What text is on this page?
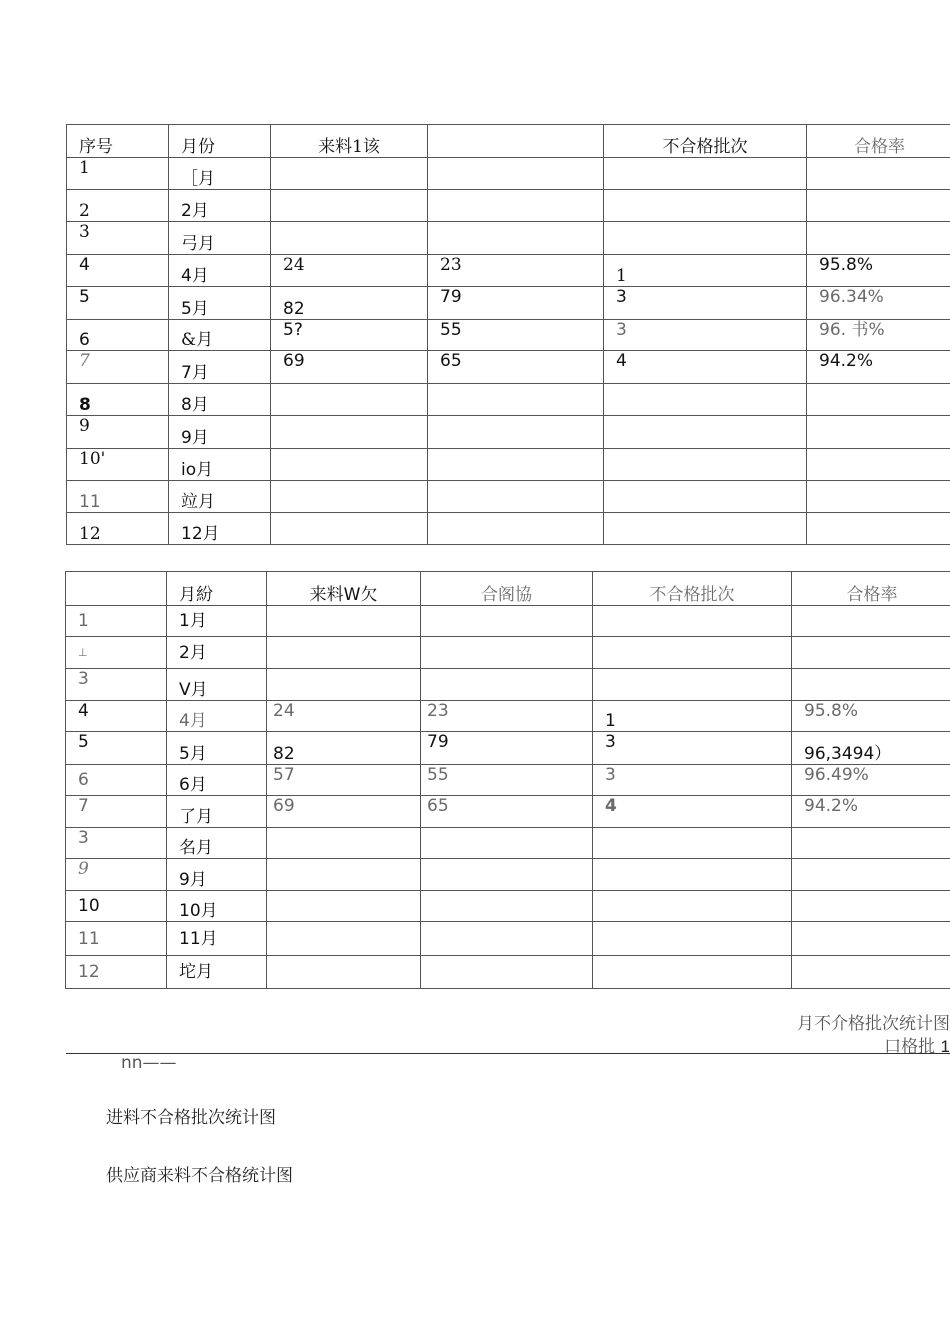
序号	月份	来料1该		不合格批次	合格率
1	［月				
2	2月				
3	弓月				
4	4月	24	23	1	95.8%
5	5月	82	79	3	96.34%
6	&月	5?	55	3	96. 书%
7	7月	69	65	4	94.2%
8	8月				
9	9月				
10'	io月				
11	竝月				
12	12月				
	月紛	来料W欠	合阁協	不合格批次	合格率
1	1月				
⊥	2月				
3	V月				
4	4月	24	23	1	95.8%
5	5月	82	79	3	96,3494）
6	6月	57	55	3	96.49%
7	了月	69	65	4	94.2%
3	名月				
9	9月				
10	10月				
11	11月				
12	坨月				
月不介格批次统计图
口格批 1
nn——
进料不合格批次统计图
供应商来料不合格统计图
